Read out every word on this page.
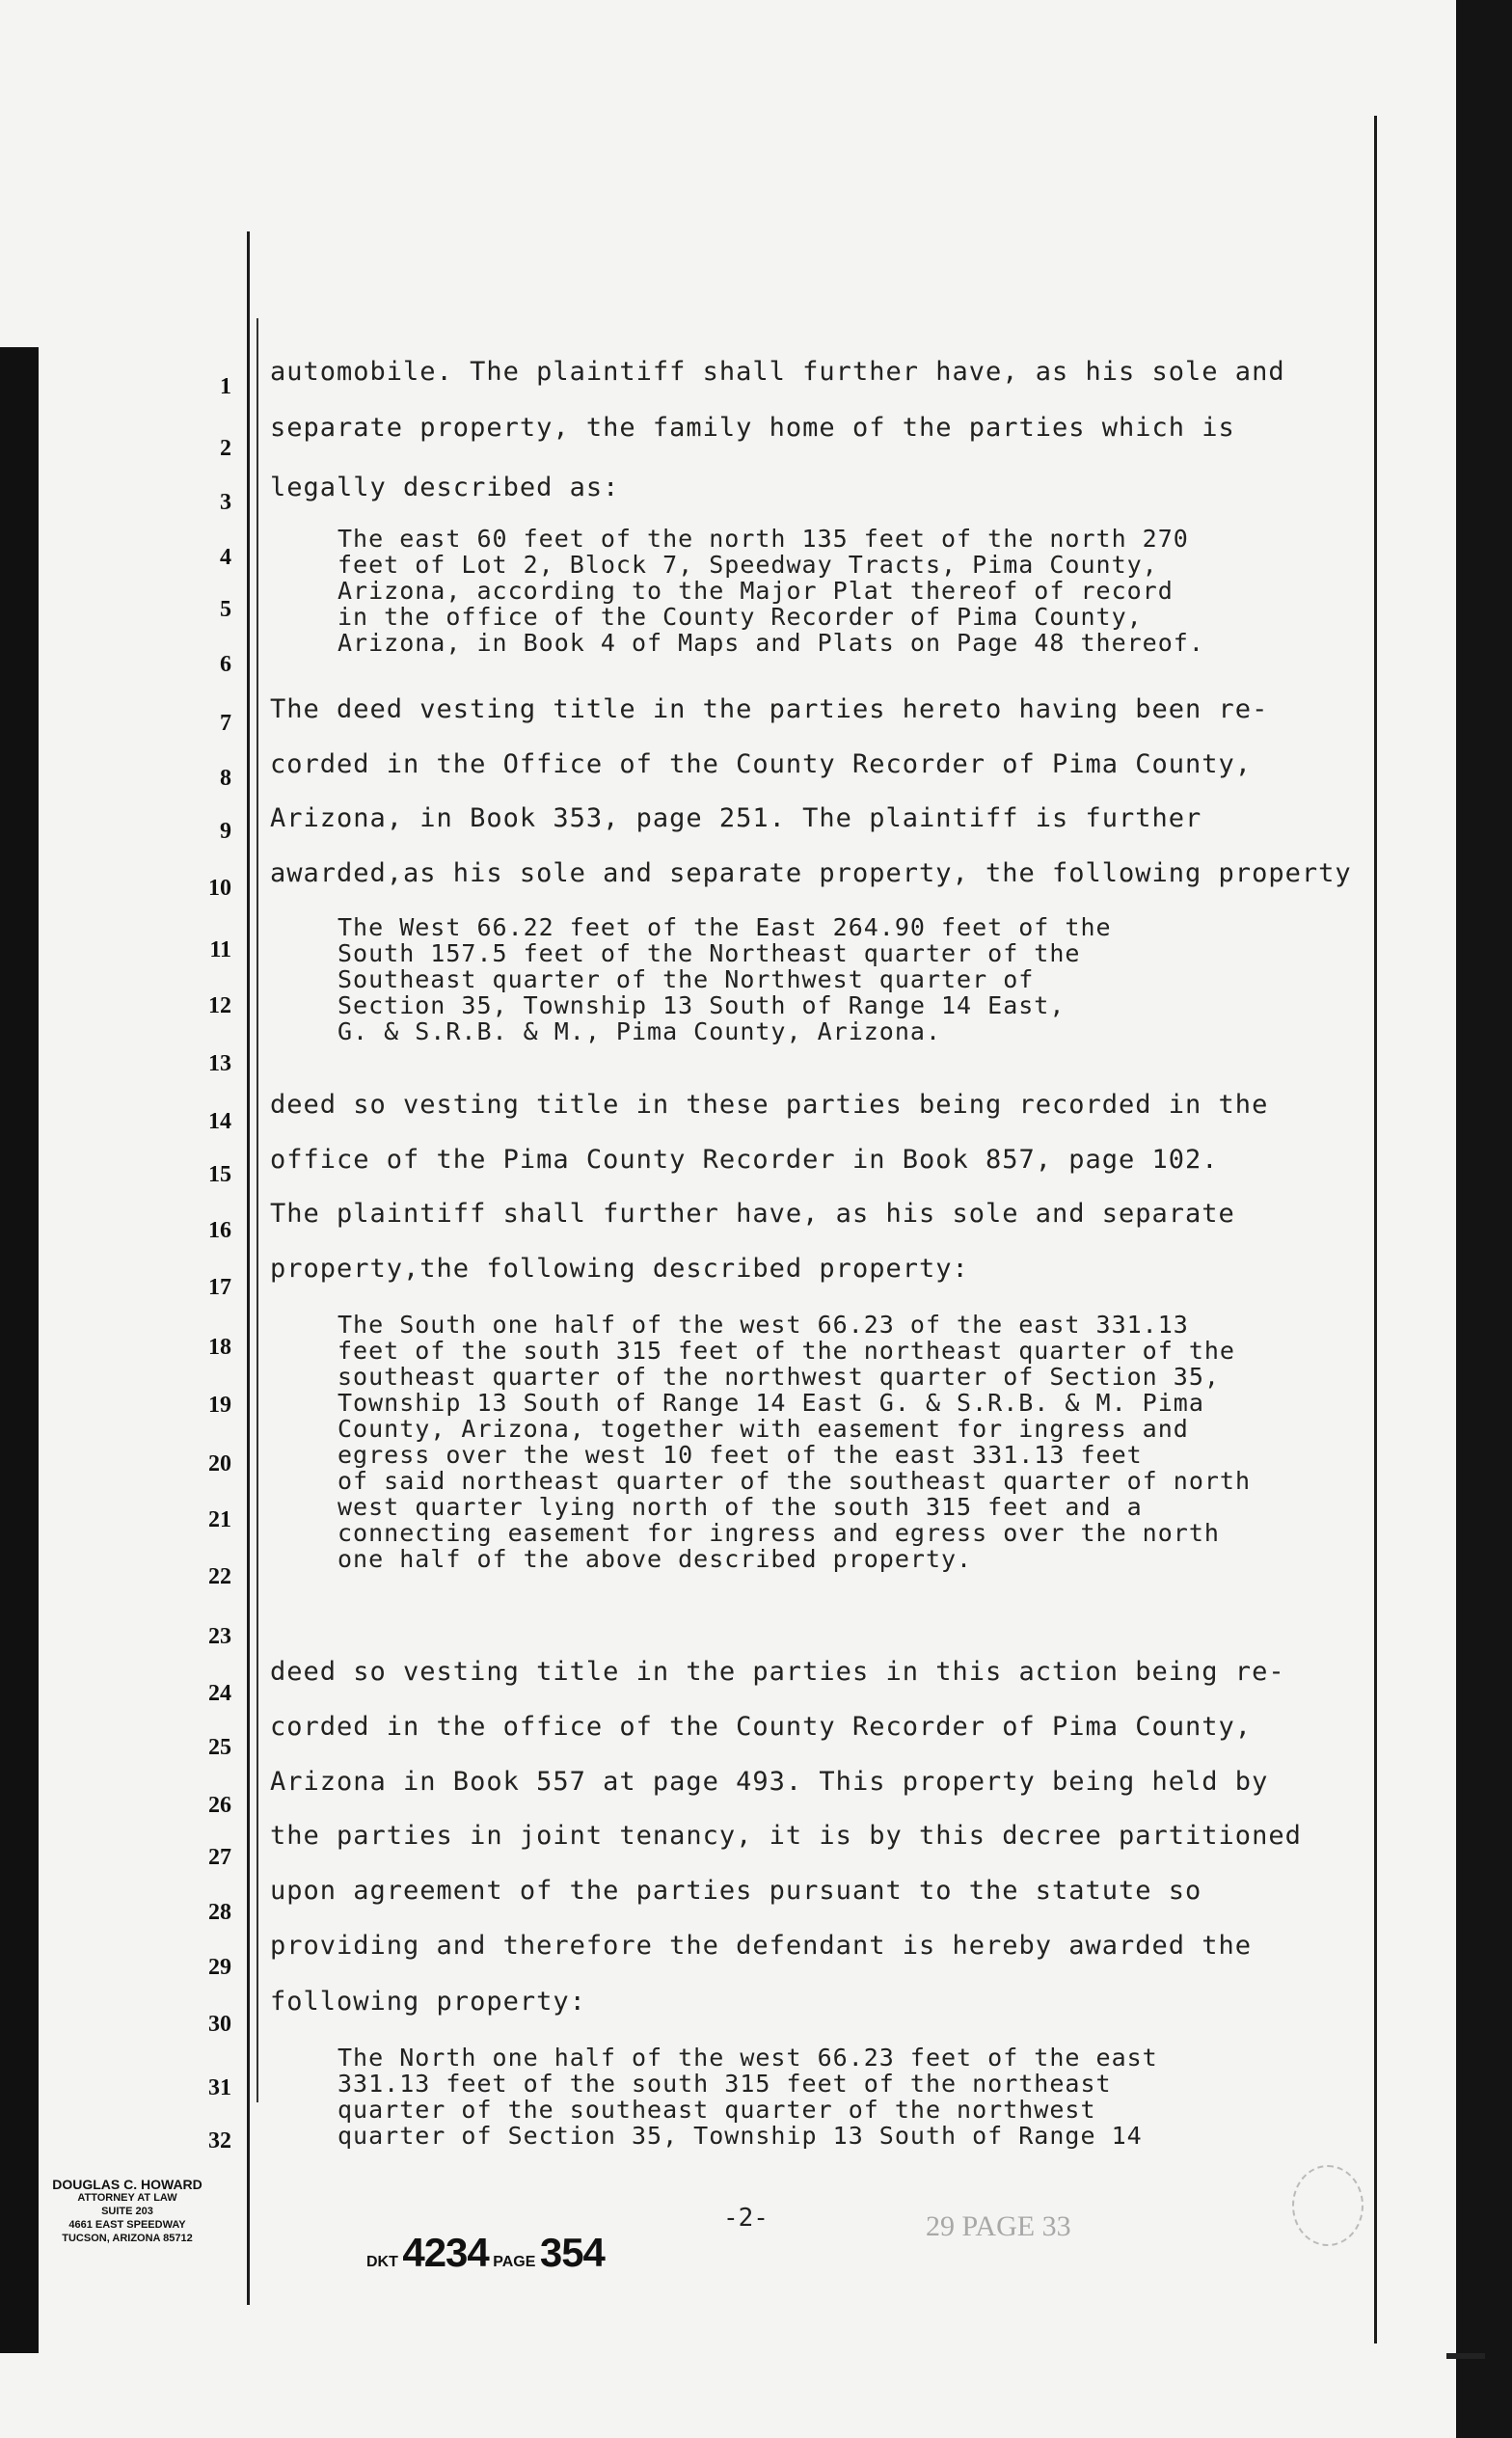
1
2
3
4
5
6
7
8
9
10
11
12
13
14
15
16
17
18
19
20
21
22
23
24
25
26
27
28
29
30
31
32
automobile. The plaintiff shall further have, as his sole and
separate property, the family home of the parties which is
legally described as:
The east 60 feet of the north 135 feet of the north 270
feet of Lot 2, Block 7, Speedway Tracts, Pima County,
Arizona, according to the Major Plat thereof of record
in the office of the County Recorder of Pima County,
Arizona, in Book 4 of Maps and Plats on Page 48 thereof.
The deed vesting title in the parties hereto having been re-
corded in the Office of the County Recorder of Pima County,
Arizona, in Book 353, page 251. The plaintiff is further
awarded,as his sole and separate property, the following property
The West 66.22 feet of the East 264.90 feet of the
South 157.5 feet of the Northeast quarter of the
Southeast quarter of the Northwest quarter of
Section 35, Township 13 South of Range 14 East,
G. & S.R.B. & M., Pima County, Arizona.
deed so vesting title in these parties being recorded in the
office of the Pima County Recorder in Book 857, page 102.
The plaintiff shall further have, as his sole and separate
property,the following described property:
The South one half of the west 66.23 of the east 331.13
feet of the south 315 feet of the northeast quarter of the
southeast quarter of the northwest quarter of Section 35,
Township 13 South of Range 14 East G. & S.R.B. & M. Pima
County, Arizona, together with easement for ingress and
egress over the west 10 feet of the east 331.13 feet
of said northeast quarter of the southeast quarter of north
west quarter lying north of the south 315 feet and a
connecting easement for ingress and egress over the north
one half of the above described property.
deed so vesting title in the parties in this action being re-
corded in the office of the County Recorder of Pima County,
Arizona in Book 557 at page 493. This property being held by
the parties in joint tenancy, it is by this decree partitioned
upon agreement of the parties pursuant to the statute so
providing and therefore the defendant is hereby awarded the
following property:
The North one half of the west 66.23 feet of the east
331.13 feet of the south 315 feet of the northeast
quarter of the southeast quarter of the northwest
quarter of Section 35, Township 13 South of Range 14
DOUGLAS C. HOWARD
ATTORNEY AT LAW
SUITE 203
4661 EAST SPEEDWAY
TUCSON, ARIZONA 85712
-2-
DKT 4234 PAGE 354
29 PAGE 33
